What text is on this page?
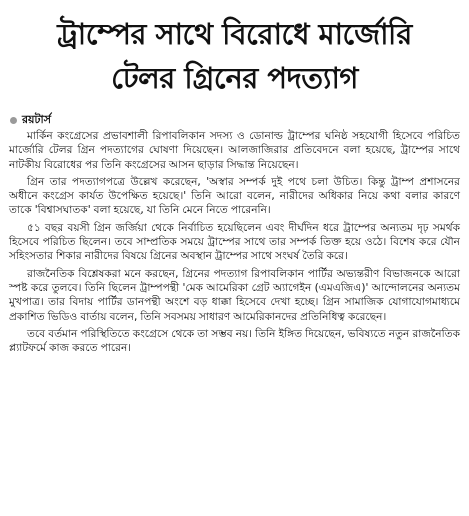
ট্রাম্পের সাথে বিরোধে মার্জোরি
টেলর গ্রিনের পদত্যাগ
রয়টার্স

মার্কিন কংগ্রেসের প্রভাবশালী রিপাবলিকান সদস্য ও ডোনাল্ড ট্রাম্পের ঘনিষ্ঠ সহযোগী হিসেবে পরিচিত মার্জোরি টেলর গ্রিন পদত্যাগের ঘোষণা দিয়েছেন। আলজাজিরার প্রতিবেদনে বলা হয়েছে, ট্রাম্পের সাথে নাটকীয় বিরোধের পর তিনি কংগ্রেসের আসন ছাড়ার সিদ্ধান্ত নিয়েছেন।

গ্রিন তার পদত্যাগপত্রে উল্লেখ করেছেন, 'অস্বার সম্পর্ক দুই পথে চলা উচিত। কিন্তু ট্রাম্প প্রশাসনের অধীনে কংগ্রেস কার্যত উপেক্ষিত হয়েছে।' তিনি আরো বলেন, নারীদের অধিকার নিয়ে কথা বলার কারণে তাকে 'বিশ্বাসঘাতক' বলা হয়েছে, যা তিনি মেনে নিতে পারেননি।

৫১ বছর বয়সী গ্রিন জর্জিয়া থেকে নির্বাচিত হয়েছিলেন এবং দীর্ঘদিন ধরে ট্রাম্পের অন্যতম দৃঢ় সমর্থক হিসেবে পরিচিত ছিলেন। তবে সাম্প্রতিক সময়ে ট্রাম্পের সাথে তার সম্পর্ক তিক্ত হয়ে ওঠে। বিশেষ করে যৌন সহিংসতার শিকার নারীদের বিষয়ে গ্রিনের অবস্থান ট্রাম্পের সাথে সংঘর্ষ তৈরি করে।

রাজনৈতিক বিশ্লেষকরা মনে করছেন, গ্রিনের পদত্যাগ রিপাবলিকান পার্টির অভ্যন্তরীণ বিভাজনকে আরো স্পষ্ট করে তুলবে। তিনি ছিলেন ট্রাম্পপন্থী 'মেক আমেরিকা গ্রেট অ্যাগেইন (এমএজিএ)' আন্দোলনের অন্যতম মুখপাত্র। তার বিদায় পার্টির ডানপন্থী অংশে বড় ধাক্কা হিসেবে দেখা হচ্ছে। গ্রিন সামাজিক যোগাযোগমাধ্যমে প্রকাশিত ভিডিও বার্তায় বলেন, তিনি সবসময় সাধারণ আমেরিকানদের প্রতিনিধিত্ব করেছেন।

তবে বর্তমান পরিস্থিতিতে কংগ্রেসে থেকে তা সম্ভব নয়। তিনি ইঙ্গিত দিয়েছেন, ভবিষ্যতে নতুন রাজনৈতিক প্ল্যাটফর্মে কাজ করতে পারেন।
